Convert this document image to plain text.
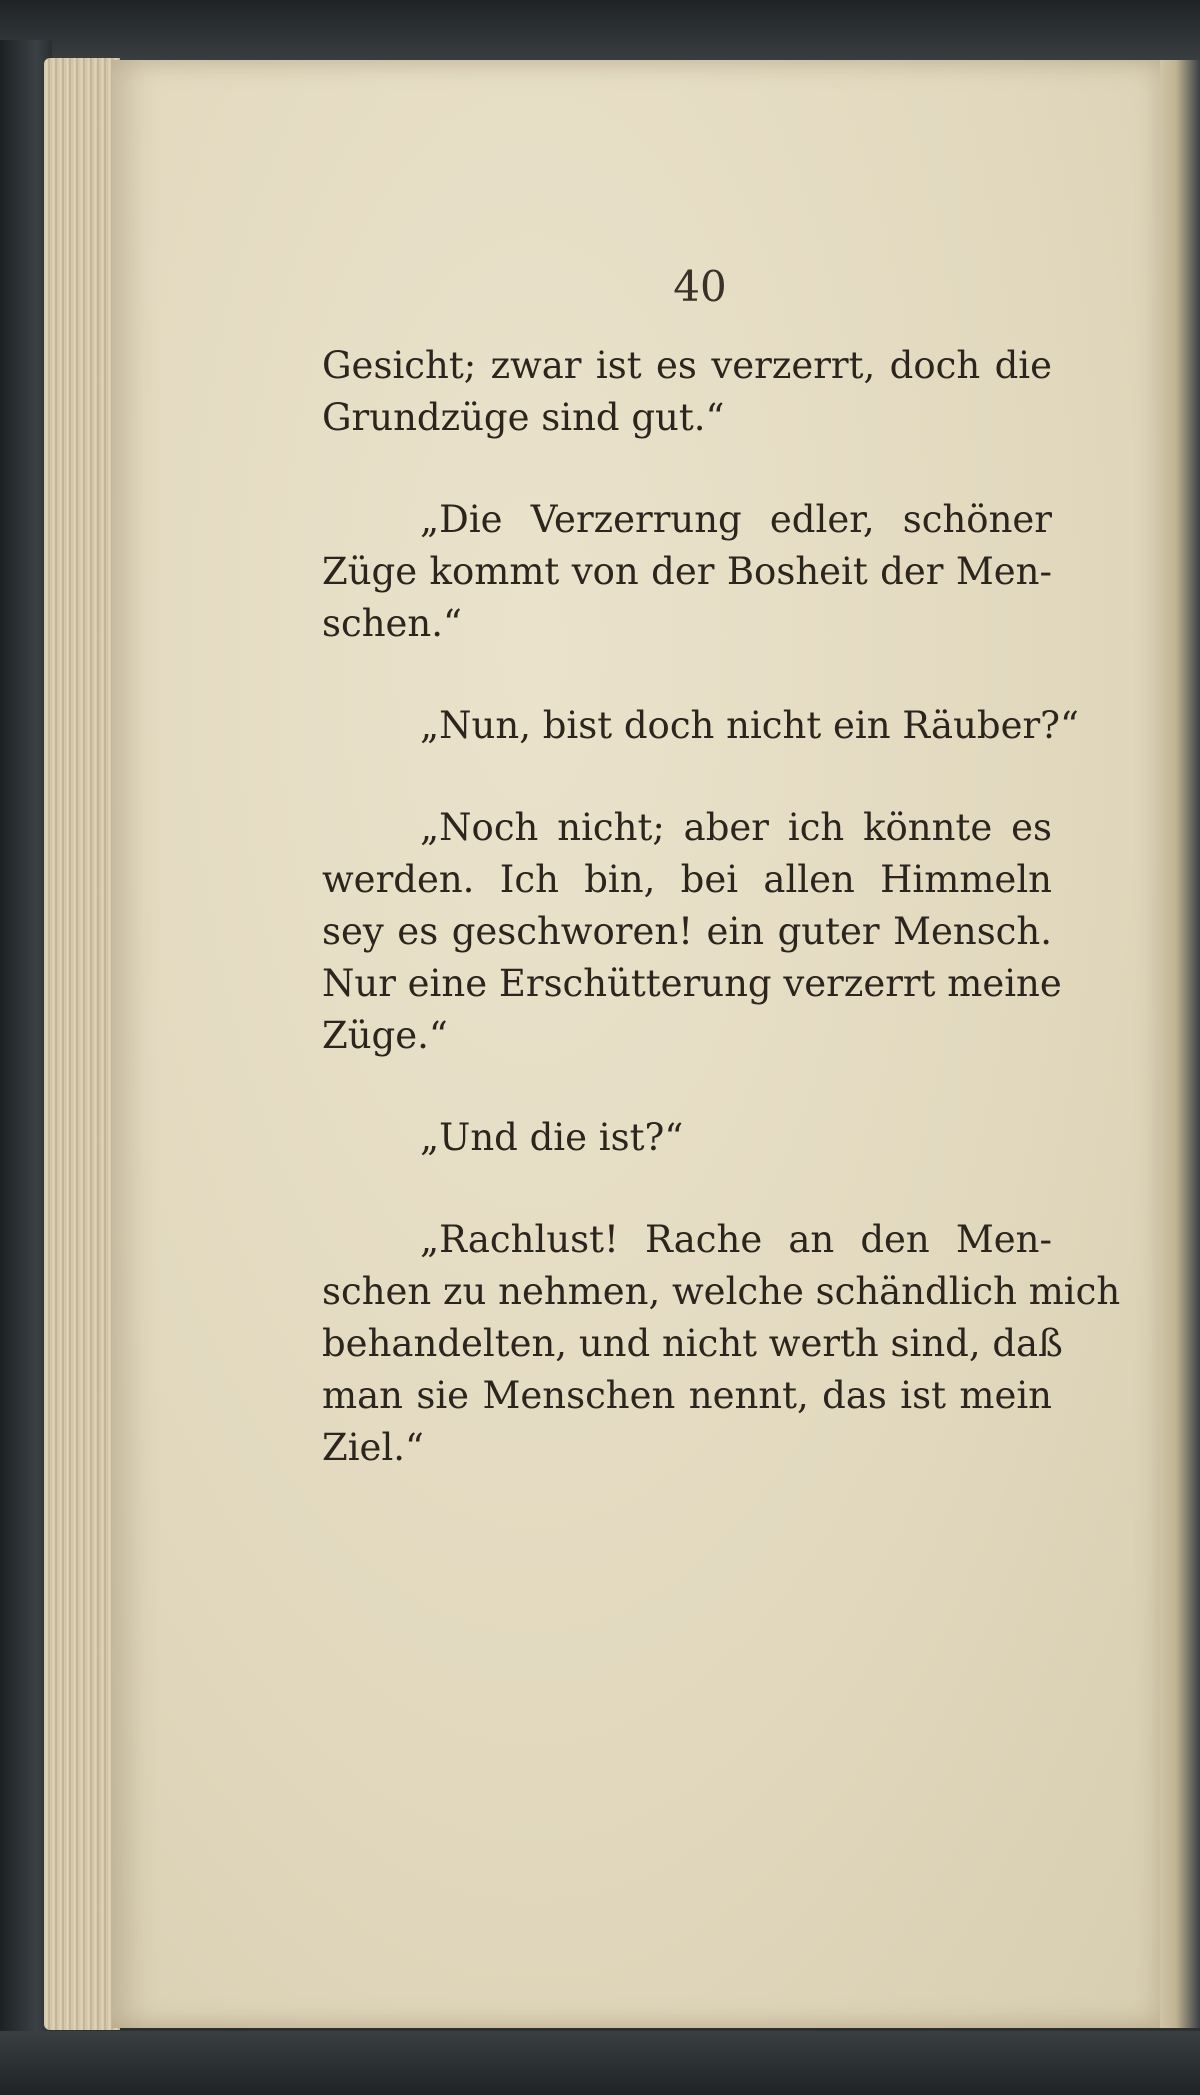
40
Gesicht; zwar ist es verzerrt, doch die
Grundzüge sind gut.“
„Die Verzerrung edler, schöner
Züge kommt von der Bosheit der Men-
schen.“
„Nun, bist doch nicht ein Räuber?“
„Noch nicht; aber ich könnte es
werden. Ich bin, bei allen Himmeln
sey es geschworen! ein guter Mensch.
Nur eine Erschütterung verzerrt meine
Züge.“
„Und die ist?“
„Rachlust! Rache an den Men-
schen zu nehmen, welche schändlich mich
behandelten, und nicht werth sind, daß
man sie Menschen nennt, das ist mein
Ziel.“
